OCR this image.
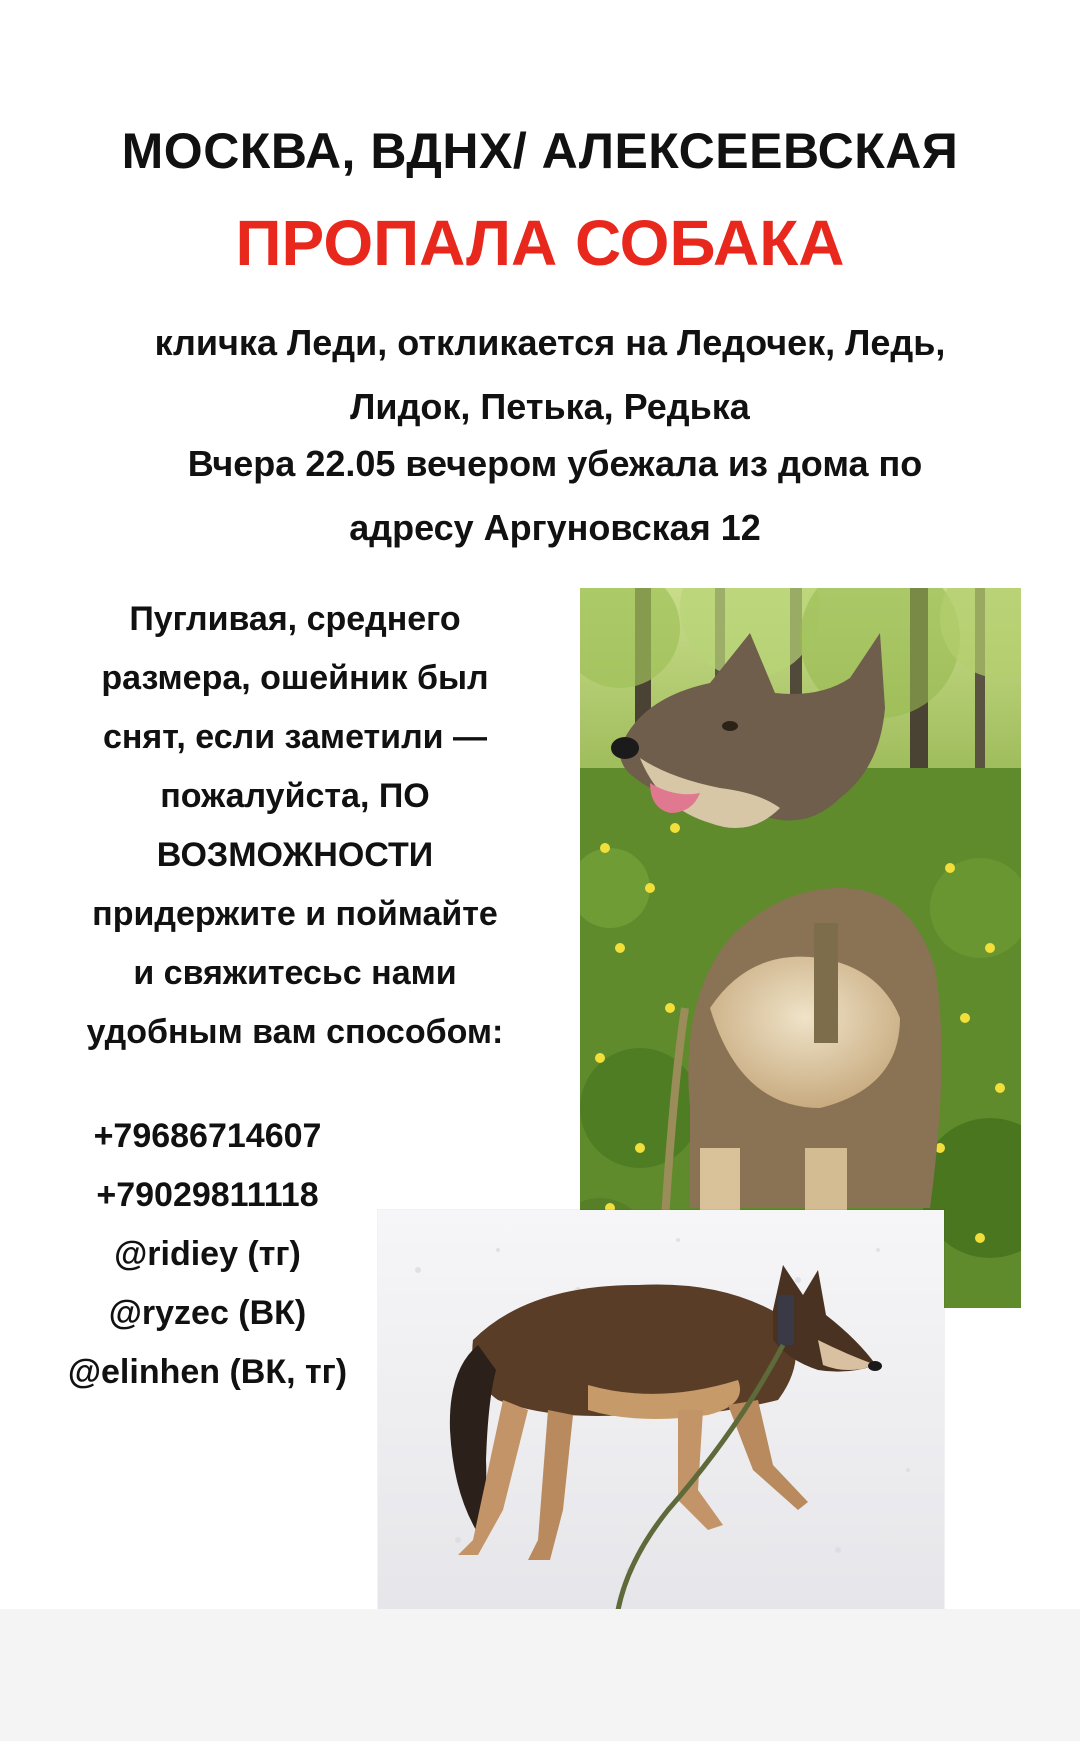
МОСКВА, ВДНХ/ АЛЕКСЕЕВСКАЯ
ПРОПАЛА СОБАКА
кличка Леди, откликается на Ледочек, Ледь,
Лидок, Петька, Редька
Вчера 22.05 вечером убежала из дома по
адресу Аргуновская 12
Пугливая, среднего
размера, ошейник был
снят, если заметили —
пожалуйста, ПО
ВОЗМОЖНОСТИ
придержите и поймайте
и свяжитесьс нами
удобным вам способом:
+79686714607
+79029811118
@ridiey (тг)
@ryzec (ВК)
@elinhen (ВК, тг)
